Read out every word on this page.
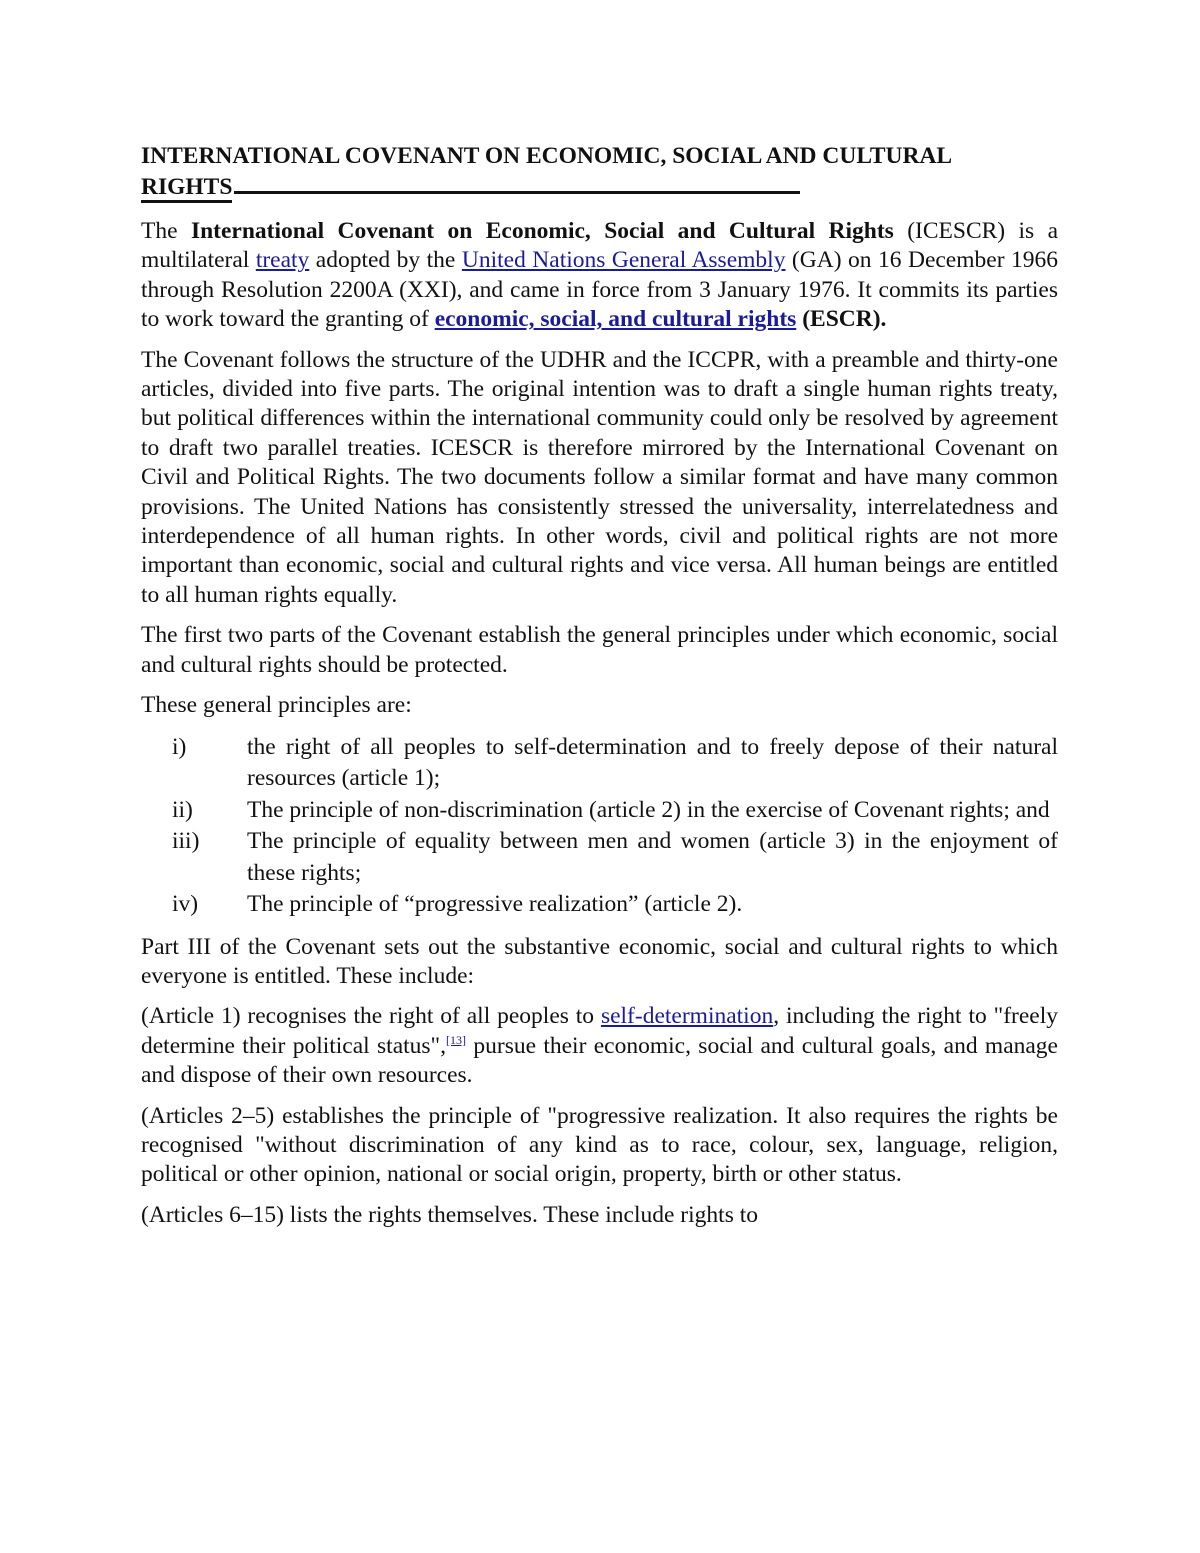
INTERNATIONAL COVENANT ON ECONOMIC, SOCIAL AND CULTURAL
RIGHTS

The International Covenant on Economic, Social and Cultural Rights (ICESCR) is a multilateral treaty adopted by the United Nations General Assembly (GA) on 16 December 1966 through Resolution 2200A (XXI), and came in force from 3 January 1976. It commits its parties to work toward the granting of economic, social, and cultural rights (ESCR).

The Covenant follows the structure of the UDHR and the ICCPR, with a preamble and thirty-one articles, divided into five parts. The original intention was to draft a single human rights treaty, but political differences within the international community could only be resolved by agreement to draft two parallel treaties. ICESCR is therefore mirrored by the International Covenant on Civil and Political Rights. The two documents follow a similar format and have many common provisions. The United Nations has consistently stressed the universality, interrelatedness and interdependence of all human rights. In other words, civil and political rights are not more important than economic, social and cultural rights and vice versa. All human beings are entitled to all human rights equally.

The first two parts of the Covenant establish the general principles under which economic, social and cultural rights should be protected.

These general principles are:

i)	the right of all peoples to self-determination and to freely depose of their natural resources (article 1);
ii) The principle of non-discrimination (article 2) in the exercise of Covenant rights; and
iii) The principle of equality between men and women (article 3) in the enjoyment of these rights;
iv) The principle of “progressive realization” (article 2).

Part III of the Covenant sets out the substantive economic, social and cultural rights to which everyone is entitled. These include:

(Article 1) recognises the right of all peoples to self-determination, including the right to "freely determine their political status",[13] pursue their economic, social and cultural goals, and manage and dispose of their own resources.

(Articles 2–5) establishes the principle of "progressive realization. It also requires the rights be recognised "without discrimination of any kind as to race, colour, sex, language, religion, political or other opinion, national or social origin, property, birth or other status.

(Articles 6–15) lists the rights themselves. These include rights to
